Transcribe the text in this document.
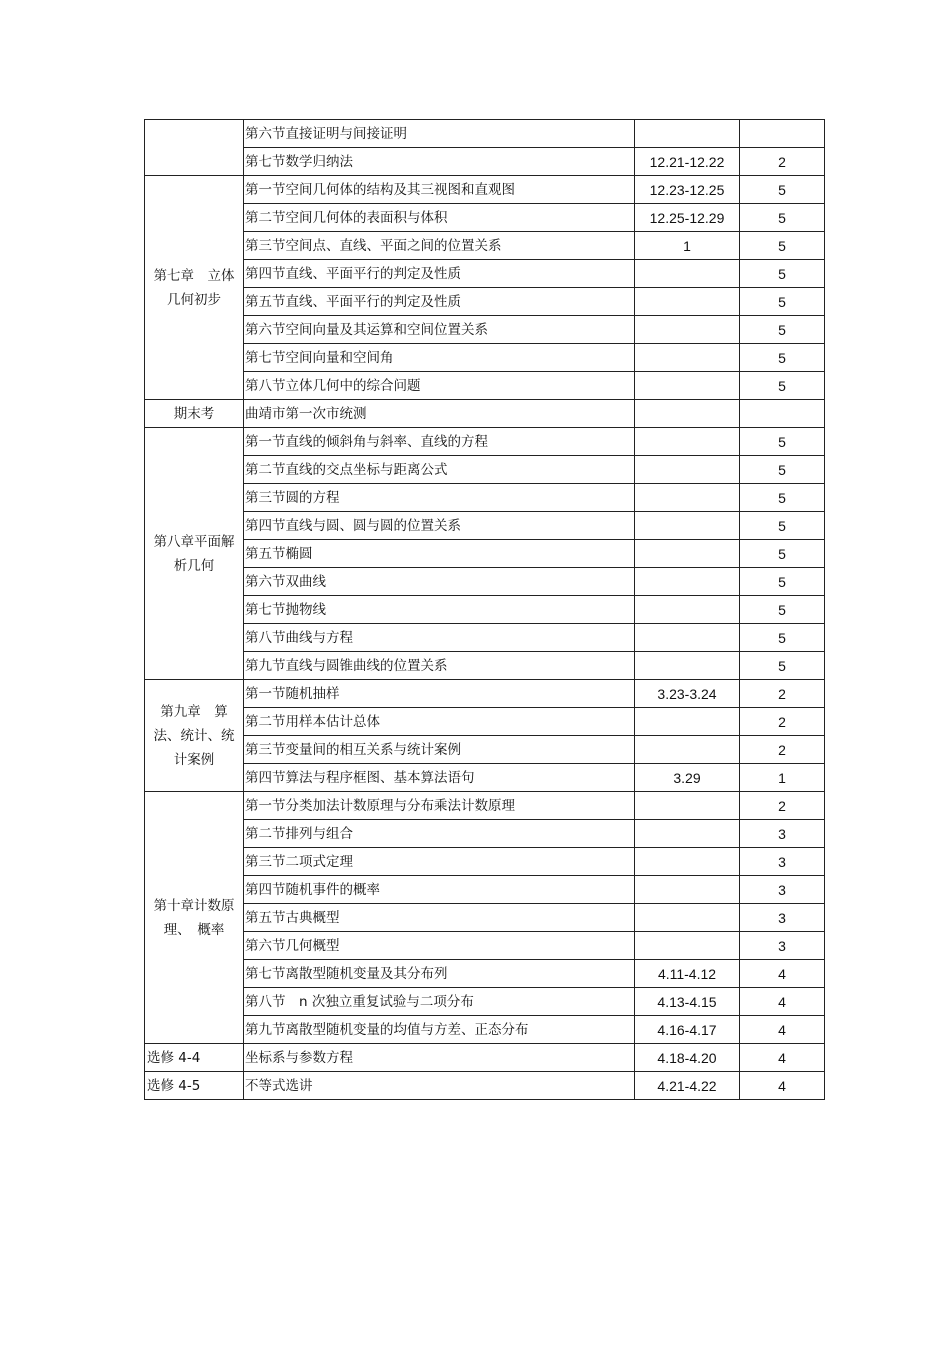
	第六节直接证明与间接证明		
	第七节数学归纳法	12.21-12.22	2
第七章　立体几何初步	第一节空间几何体的结构及其三视图和直观图	12.23-12.25	5
	第二节空间几何体的表面积与体积	12.25-12.29	5
	第三节空间点、直线、平面之间的位置关系	1	5
	第四节直线、平面平行的判定及性质		5
	第五节直线、平面平行的判定及性质		5
	第六节空间向量及其运算和空间位置关系		5
	第七节空间向量和空间角		5
	第八节立体几何中的综合问题		5
期末考	曲靖市第一次市统测		
第八章平面解析几何	第一节直线的倾斜角与斜率、直线的方程		5
	第二节直线的交点坐标与距离公式		5
	第三节圆的方程		5
	第四节直线与圆、圆与圆的位置关系		5
	第五节椭圆		5
	第六节双曲线		5
	第七节抛物线		5
	第八节曲线与方程		5
	第九节直线与圆锥曲线的位置关系		5
第九章　算法、统计、统计案例	第一节随机抽样	3.23-3.24	2
	第二节用样本估计总体		2
	第三节变量间的相互关系与统计案例		2
	第四节算法与程序框图、基本算法语句	3.29	1
第十章计数原理、　概率	第一节分类加法计数原理与分布乘法计数原理		2
	第二节排列与组合		3
	第三节二项式定理		3
	第四节随机事件的概率		3
	第五节古典概型		3
	第六节几何概型		3
	第七节离散型随机变量及其分布列	4.11-4.12	4
	第八节　n 次独立重复试验与二项分布	4.13-4.15	4
	第九节离散型随机变量的均值与方差、正态分布	4.16-4.17	4
选修 4-4	坐标系与参数方程	4.18-4.20	4
选修 4-5	不等式选讲	4.21-4.22	4
